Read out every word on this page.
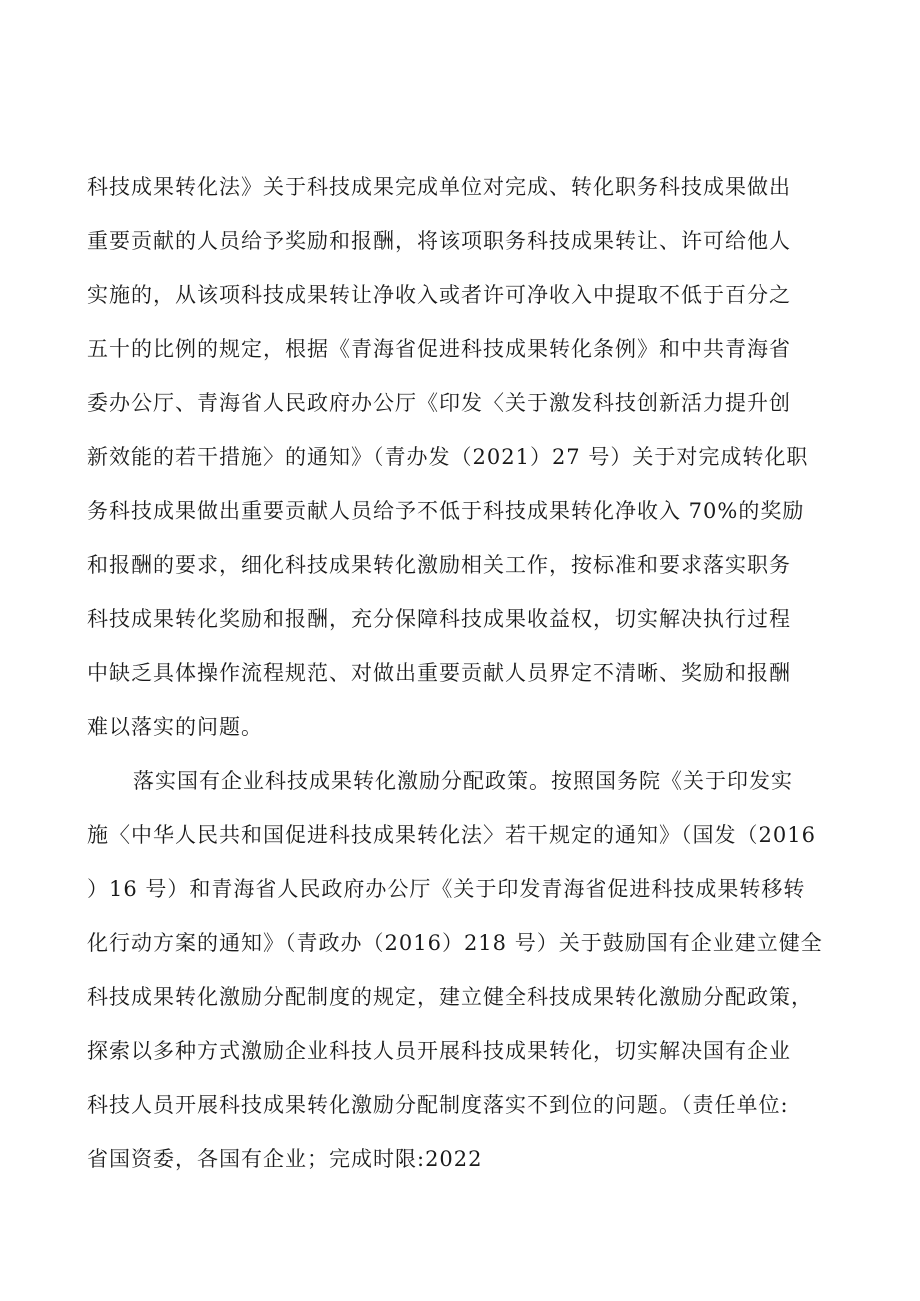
科技成果转化法》关于科技成果完成单位对完成、转化职务科技成果做出
重要贡献的人员给予奖励和报酬，将该项职务科技成果转让、许可给他人
实施的，从该项科技成果转让净收入或者许可净收入中提取不低于百分之
五十的比例的规定，根据《青海省促进科技成果转化条例》和中共青海省
委办公厅、青海省人民政府办公厅《印发〈关于激发科技创新活力提升创
新效能的若干措施〉的通知》（青办发（2021）27 号）关于对完成转化职
务科技成果做出重要贡献人员给予不低于科技成果转化净收入 70%的奖励
和报酬的要求，细化科技成果转化激励相关工作，按标准和要求落实职务
科技成果转化奖励和报酬，充分保障科技成果收益权，切实解决执行过程
中缺乏具体操作流程规范、对做出重要贡献人员界定不清晰、奖励和报酬
难以落实的问题。
落实国有企业科技成果转化激励分配政策。按照国务院《关于印发实
施〈中华人民共和国促进科技成果转化法〉若干规定的通知》（国发（2016
）16 号）和青海省人民政府办公厅《关于印发青海省促进科技成果转移转
化行动方案的通知》（青政办（2016）218 号）关于鼓励国有企业建立健全
科技成果转化激励分配制度的规定，建立健全科技成果转化激励分配政策，
探索以多种方式激励企业科技人员开展科技成果转化，切实解决国有企业
科技人员开展科技成果转化激励分配制度落实不到位的问题。（责任单位:
省国资委，各国有企业；完成时限:2022
